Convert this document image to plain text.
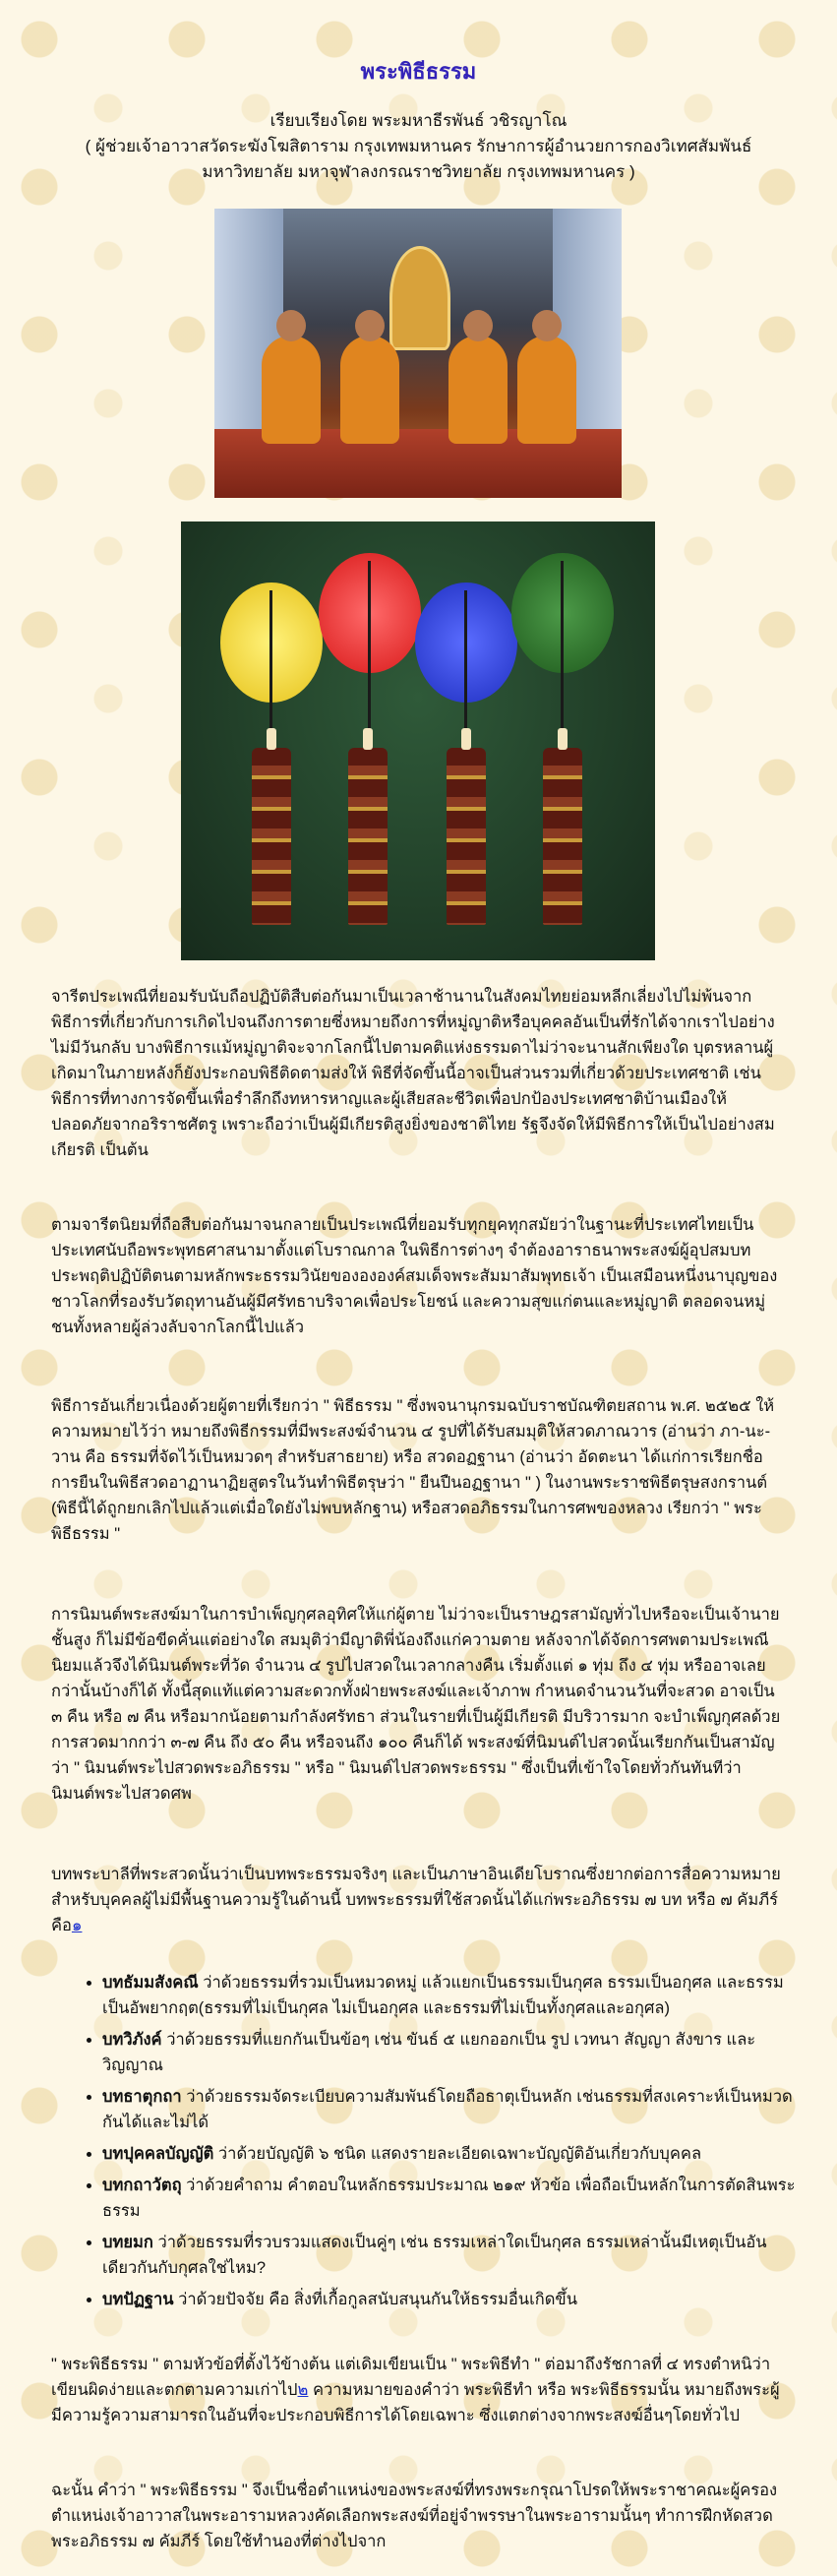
พระพิธีธรรม
เรียบเรียงโดย พระมหาธีรพันธ์ วชิรญาโณ
( ผู้ช่วยเจ้าอาวาสวัดระฆังโฆสิตาราม กรุงเทพมหานคร รักษาการผู้อำนวยการกองวิเทศสัมพันธ์ มหาวิทยาลัย มหาจุฬาลงกรณราชวิทยาลัย กรุงเทพมหานคร )

จารีตประเพณีที่ยอมรับนับถือปฏิบัติสืบต่อกันมาเป็นเวลาช้านานในสังคมไทยย่อมหลีกเลี่ยงไปไม่พ้นจากพิธีการที่เกี่ยวกับการเกิดไปจนถึงการตายซึ่งหมายถึงการที่หมู่ญาติหรือบุคคลอันเป็นที่รักได้จากเราไปอย่างไม่มีวันกลับ บางพิธีการแม้หมู่ญาติจะจากโลกนี้ไปตามคติแห่งธรรมดาไม่ว่าจะนานสักเพียงใด บุตรหลานผู้เกิดมาในภายหลังก็ยังประกอบพิธีติดตามส่งให้ พิธีที่จัดขึ้นนี้อาจเป็นส่วนรวมที่เกี่ยวด้วยประเทศชาติ เช่น พิธีการที่ทางการจัดขึ้นเพื่อรำลึกถึงทหารหาญและผู้เสียสละชีวิตเพื่อปกป้องประเทศชาติบ้านเมืองให้ปลอดภัยจากอริราชศัตรู เพราะถือว่าเป็นผู้มีเกียรติสูงยิ่งของชาติไทย รัฐจึงจัดให้มีพิธีการให้เป็นไปอย่างสมเกียรติ เป็นต้น

ตามจารีตนิยมที่ถือสืบต่อกันมาจนกลายเป็นประเพณีที่ยอมรับทุกยุคทุกสมัยว่าในฐานะที่ประเทศไทยเป็นประเทศนับถือพระพุทธศาสนามาตั้งแต่โบราณกาล ในพิธีการต่างๆ จำต้องอาราธนาพระสงฆ์ผู้อุปสมบท ประพฤติปฏิบัติตนตามหลักพระธรรมวินัยของององค์สมเด็จพระสัมมาสัมพุทธเจ้า เป็นเสมือนหนึ่งนาบุญของชาวโลกที่รองรับวัตถุทานอันผู้มีศรัทธาบริจาคเพื่อประโยชน์ และความสุขแก่ตนและหมู่ญาติ ตลอดจนหมู่ชนทั้งหลายผู้ล่วงลับจากโลกนี้ไปแล้ว

พิธีการอันเกี่ยวเนื่องด้วยผู้ตายที่เรียกว่า " พิธีธรรม " ซึ่งพจนานุกรมฉบับราชบัณฑิตยสถาน พ.ศ. ๒๕๒๕ ให้ความหมายไว้ว่า หมายถึงพิธีกรรมที่มีพระสงฆ์จำนวน ๔ รูปที่ได้รับสมมุติให้สวดภาณวาร (อ่านว่า ภา-นะ-วาน คือ ธรรมที่จัดไว้เป็นหมวดๆ สำหรับสาธยาย) หรือ สวดอฏฐานา (อ่านว่า อัดตะนา ได้แก่การเรียกชื่อการยืนในพิธีสวดอาฏานาฏิยสูตรในวันทำพิธีตรุษว่า " ยืนปืนอฏฐานา " ) ในงานพระราชพิธีตรุษสงกรานต์ (พิธีนี้ได้ถูกยกเลิกไปแล้วแต่เมื่อใดยังไม่พบหลักฐาน) หรือสวดอภิธรรมในการศพของหลวง เรียกว่า " พระพิธีธรรม "

การนิมนต์พระสงฆ์มาในการบำเพ็ญกุศลอุทิศให้แก่ผู้ตาย ไม่ว่าจะเป็นราษฎรสามัญทั่วไปหรือจะเป็นเจ้านายชั้นสูง ก็ไม่มีข้อขีดคั่นแต่อย่างใด สมมุติว่ามีญาติพี่น้องถึงแก่ความตาย หลังจากได้จัดการศพตามประเพณีนิยมแล้วจึงได้นิมนต์พระที่วัด จำนวน ๔ รูปไปสวดในเวลากลางคืน เริ่มตั้งแต่ ๑ ทุ่ม ถึง ๔ ทุ่ม หรืออาจเลยกว่านั้นบ้างก็ได้ ทั้งนี้สุดแท้แต่ความสะดวกทั้งฝ่ายพระสงฆ์และเจ้าภาพ กำหนดจำนวนวันที่จะสวด อาจเป็น ๓ คืน หรือ ๗ คืน หรือมากน้อยตามกำลังศรัทธา ส่วนในรายที่เป็นผู้มีเกียรติ มีบริวารมาก จะบำเพ็ญกุศลด้วยการสวดมากกว่า ๓-๗ คืน ถึง ๕๐ คืน หรือจนถึง ๑๐๐ คืนก็ได้ พระสงฆ์ที่นิมนต์ไปสวดนั้นเรียกกันเป็นสามัญว่า " นิมนต์พระไปสวดพระอภิธรรม " หรือ " นิมนต์ไปสวดพระธรรม " ซึ่งเป็นที่เข้าใจโดยทั่วกันทันทีว่า นิมนต์พระไปสวดศพ

บทพระบาลีที่พระสวดนั้นว่าเป็นบทพระธรรมจริงๆ และเป็นภาษาอินเดียโบราณซึ่งยากต่อการสื่อความหมายสำหรับบุคคลผู้ไม่มีพื้นฐานความรู้ในด้านนี้ บทพระธรรมที่ใช้สวดนั้นได้แก่พระอภิธรรม ๗ บท หรือ ๗ คัมภีร์ คือ๑

• บทธัมมสังคณี ว่าด้วยธรรมที่รวมเป็นหมวดหมู่ แล้วแยกเป็นธรรมเป็นกุศล ธรรมเป็นอกุศล และธรรมเป็นอัพยากฤต(ธรรมที่ไม่เป็นกุศล ไม่เป็นอกุศล และธรรมที่ไม่เป็นทั้งกุศลและอกุศล)
• บทวิภังค์ ว่าด้วยธรรมที่แยกกันเป็นข้อๆ เช่น ขันธ์ ๕ แยกออกเป็น รูป เวทนา สัญญา สังขาร และ วิญญาณ
• บทธาตุกถา ว่าด้วยธรรมจัดระเบียบความสัมพันธ์โดยถือธาตุเป็นหลัก เช่นธรรมที่สงเคราะห์เป็นหมวดกันได้และไม่ได้
• บทปุคคลบัญญัติ ว่าด้วยบัญญัติ ๖ ชนิด แสดงรายละเอียดเฉพาะบัญญัติอันเกี่ยวกับบุคคล
• บทกถาวัตถุ ว่าด้วยคำถาม คำตอบในหลักธรรมประมาณ ๒๑๙ หัวข้อ เพื่อถือเป็นหลักในการตัดสินพระธรรม
• บทยมก ว่าด้วยธรรมที่รวบรวมแสดงเป็นคู่ๆ เช่น ธรรมเหล่าใดเป็นกุศล ธรรมเหล่านั้นมีเหตุเป็นอันเดียวกันกับกุศลใช่ไหม?
• บทปัฏฐาน ว่าด้วยปัจจัย คือ สิ่งที่เกื้อกูลสนับสนุนกันให้ธรรมอื่นเกิดขึ้น

" พระพิธีธรรม " ตามหัวข้อที่ตั้งไว้ข้างต้น แต่เดิมเขียนเป็น " พระพิธีทำ " ต่อมาถึงรัชกาลที่ ๔ ทรงตำหนิว่า เขียนผิดง่ายและตกตามความเก่าไป๒ ความหมายของคำว่า พระพิธีทำ หรือ พระพิธีธรรมนั้น หมายถึงพระผู้มีความรู้ความสามารถในอันที่จะประกอบพิธีการได้โดยเฉพาะ ซึ่งแตกต่างจากพระสงฆ์อื่นๆโดยทั่วไป

ฉะนั้น คำว่า " พระพิธีธรรม " จึงเป็นชื่อตำแหน่งของพระสงฆ์ที่ทรงพระกรุณาโปรดให้พระราชาคณะผู้ครองตำแหน่งเจ้าอาวาสในพระอารามหลวงคัดเลือกพระสงฆ์ที่อยู่จำพรรษาในพระอารามนั้นๆ ทำการฝึกหัดสวดพระอภิธรรม ๗ คัมภีร์ โดยใช้ทำนองที่ต่างไปจาก
